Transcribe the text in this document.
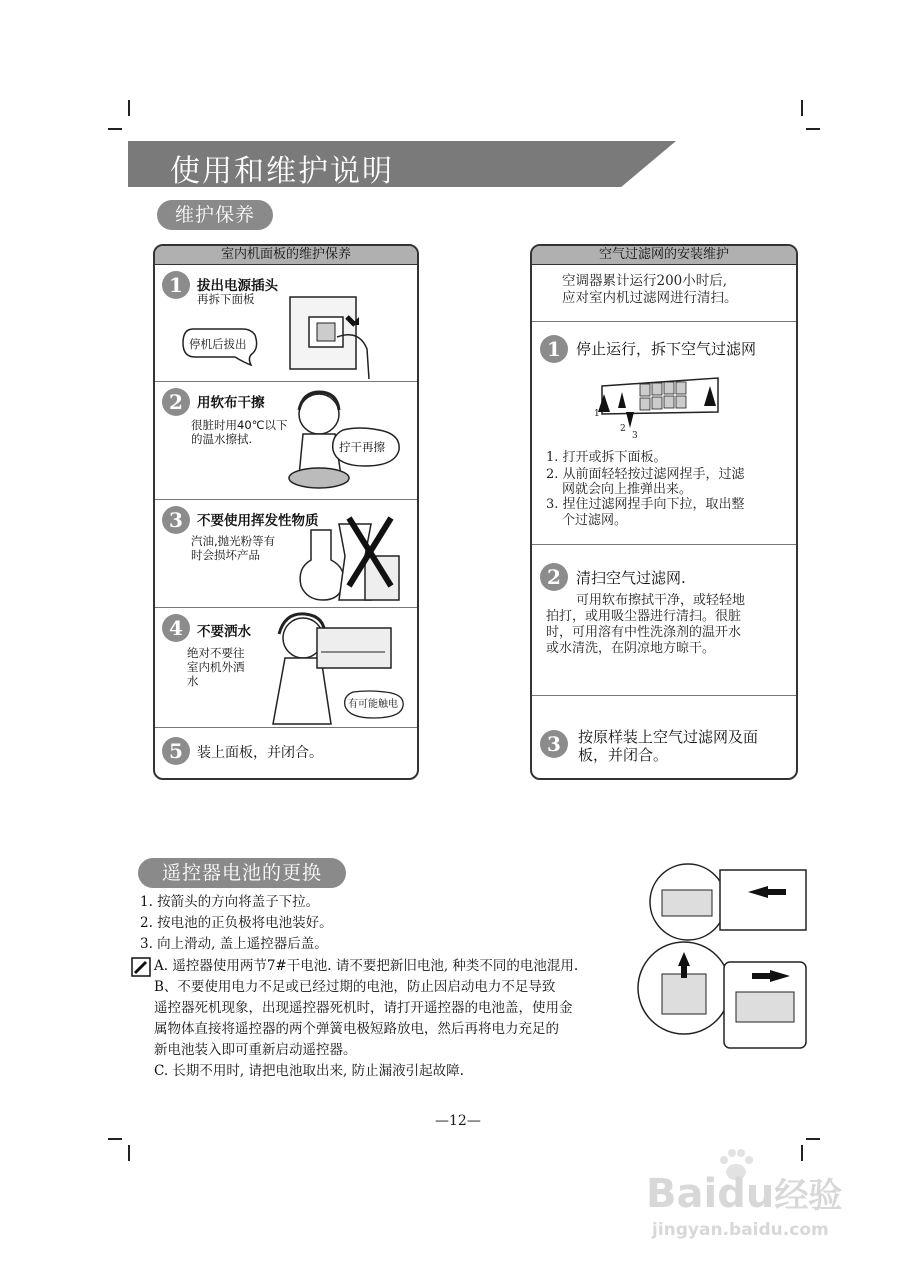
使用和维护说明
维护保养
室内机面板的维护保养
1	拔出电源插头
再拆下面板
停机后拔出
2	用软布干擦
很脏时用40℃以下的温水擦拭.
拧干再擦
3	不要使用挥发性物质
汽油,抛光粉等有时会损坏产品
4	不要洒水
绝对不要往室内机外洒水
有可能触电
5	装上面板，并闭合。
空气过滤网的安装维护
空调器累计运行200小时后,
应对室内机过滤网进行清扫。
1	停止运行，拆下空气过滤网
1
2
3
1. 打开或拆下面板。
2. 从前面轻轻按过滤网捏手，过滤
网就会向上推弹出来。
3. 捏住过滤网捏手向下拉，取出整
个过滤网。
2	清扫空气过滤网.
可用软布擦拭干净，或轻轻地
拍打，或用吸尘器进行清扫。很脏
时，可用溶有中性洗涤剂的温开水
或水清洗，在阴凉地方晾干。
3	按原样装上空气过滤网及面
板，并闭合。
遥控器电池的更换
1. 按箭头的方向将盖子下拉。
2. 按电池的正负极将电池装好。
3. 向上滑动, 盖上遥控器后盖。
A. 遥控器使用两节7#干电池. 请不要把新旧电池, 种类不同的电池混用.
B、不要使用电力不足或已经过期的电池，防止因启动电力不足导致
遥控器死机现象，出现遥控器死机时，请打开遥控器的电池盖，使用金
属物体直接将遥控器的两个弹簧电极短路放电，然后再将电力充足的
新电池装入即可重新启动遥控器。
C. 长期不用时, 请把电池取出来, 防止漏液引起故障.
—12—
Baidu经验
jingyan.baidu.com
